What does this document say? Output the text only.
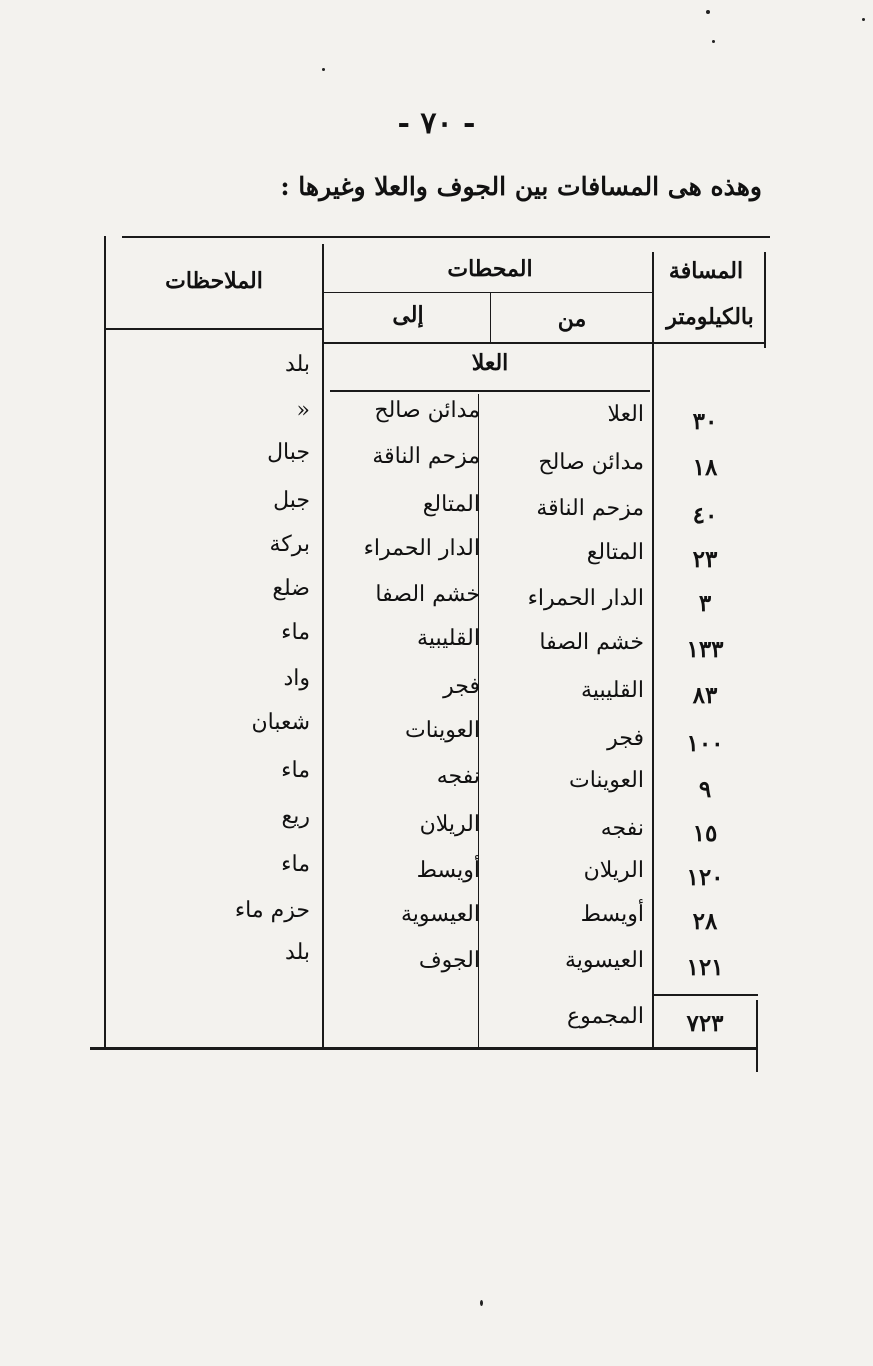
- ٧٠ -
وهذه هى المسافات بين الجوف والعلا وغيرها :
المسافة
بالكيلومتر
المحطات
من
إلى
الملاحظات
العلا
بلد
٣٠
العلا
مدائن صالح
«
١٨
مدائن صالح
مزحم الناقة
جبال
٤٠
مزحم الناقة
المتالع
جبل
٢٣
المتالع
الدار الحمراء
بركة
٣
الدار الحمراء
خشم الصفا
ضلع
١٣٣
خشم الصفا
القليبية
ماء
٨٣
القليبية
فجر
واد
١٠٠
فجر
العوينات
شعبان
٩
العوينات
نفجه
ماء
١٥
نفجه
الريلان
ريع
١٢٠
الريلان
أويسط
ماء
٢٨
أويسط
العيسوية
حزم ماء
١٢١
العيسوية
الجوف
بلد
٧٢٣
المجموع
